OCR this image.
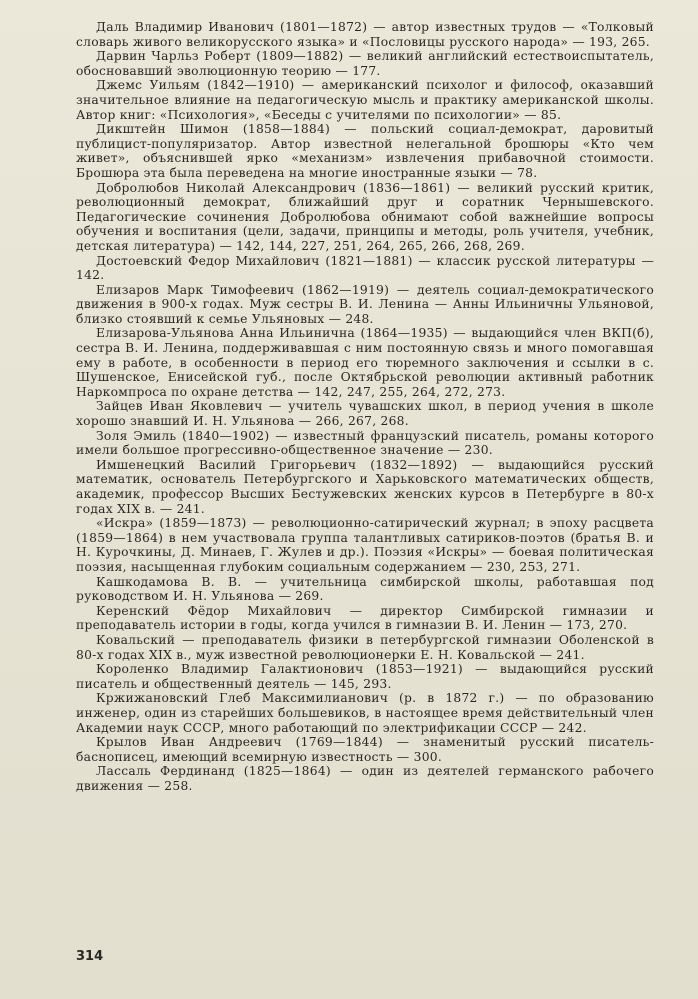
Даль Владимир Иванович (1801—1872) — автор известных трудов — «Толковый словарь живого великорусского языка» и «Пословицы русского народа» — 193, 265.

Дарвин Чарльз Роберт (1809—1882) — великий английский естествоиспытатель, обосновавший эволюционную теорию — 177.

Джемс Уильям (1842—1910) — американский психолог и философ, оказавший значительное влияние на педагогическую мысль и практику американской школы. Автор книг: «Психология», «Беседы с учителями по психологии» — 85.

Дикштейн Шимон (1858—1884) — польский социал-демократ, даровитый публицист-популяризатор. Автор известной нелегальной брошюры «Кто чем живет», объяснившей ярко «механизм» извлечения прибавочной стоимости. Брошюра эта была переведена на многие иностранные языки — 78.

Добролюбов Николай Александрович (1836—1861) — великий русский критик, революционный демократ, ближайший друг и соратник Чернышевского. Педагогические сочинения Добролюбова обнимают собой важнейшие вопросы обучения и воспитания (цели, задачи, принципы и методы, роль учителя, учебник, детская литература) — 142, 144, 227, 251, 264, 265, 266, 268, 269.

Достоевский Федор Михайлович (1821—1881) — классик русской литературы — 142.

Елизаров Марк Тимофеевич (1862—1919) — деятель социал-демократического движения в 900-х годах. Муж сестры В. И. Ленина — Анны Ильиничны Ульяновой, близко стоявший к семье Ульяновых — 248.

Елизарова-Ульянова Анна Ильинична (1864—1935) — выдающийся член ВКП(б), сестра В. И. Ленина, поддерживавшая с ним постоянную связь и много помогавшая ему в работе, в особенности в период его тюремного заключения и ссылки в с. Шушенское, Енисейской губ., после Октябрьской революции активный работник Наркомпроса по охране детства — 142, 247, 255, 264, 272, 273.

Зайцев Иван Яковлевич — учитель чувашских школ, в период учения в школе хорошо знавший И. Н. Ульянова — 266, 267, 268.

Золя Эмиль (1840—1902) — известный французский писатель, романы которого имели большое прогрессивно-общественное значение — 230.

Имшенецкий Василий Григорьевич (1832—1892) — выдающийся русский математик, основатель Петербургского и Харьковского математических обществ, академик, профессор Высших Бестужевских женских курсов в Петербурге в 80-х годах XIX в. — 241.

«Искра» (1859—1873) — революционно-сатирический журнал; в эпоху расцвета (1859—1864) в нем участвовала группа талантливых сатириков-поэтов (братья В. и Н. Курочкины, Д. Минаев, Г. Жулев и др.). Поэзия «Искры» — боевая политическая поэзия, насыщенная глубоким социальным содержанием — 230, 253, 271.

Кашкодамова В. В. — учительница симбирской школы, работавшая под руководством И. Н. Ульянова — 269.

Керенский Фёдор Михайлович — директор Симбирской гимназии и преподаватель истории в годы, когда учился в гимназии В. И. Ленин — 173, 270.

Ковальский — преподаватель физики в петербургской гимназии Оболенской в 80-х годах XIX в., муж известной революционерки Е. Н. Ковальской — 241.

Короленко Владимир Галактионович (1853—1921) — выдающийся русский писатель и общественный деятель — 145, 293.

Кржижановский Глеб Максимилианович (р. в 1872 г.) — по образованию инженер, один из старейших большевиков, в настоящее время действительный член Академии наук СССР, много работающий по электрификации СССР — 242.

Крылов Иван Андреевич (1769—1844) — знаменитый русский писатель-баснописец, имеющий всемирную известность — 300.

Лассаль Фердинанд (1825—1864) — один из деятелей германского рабочего движения — 258.

314
